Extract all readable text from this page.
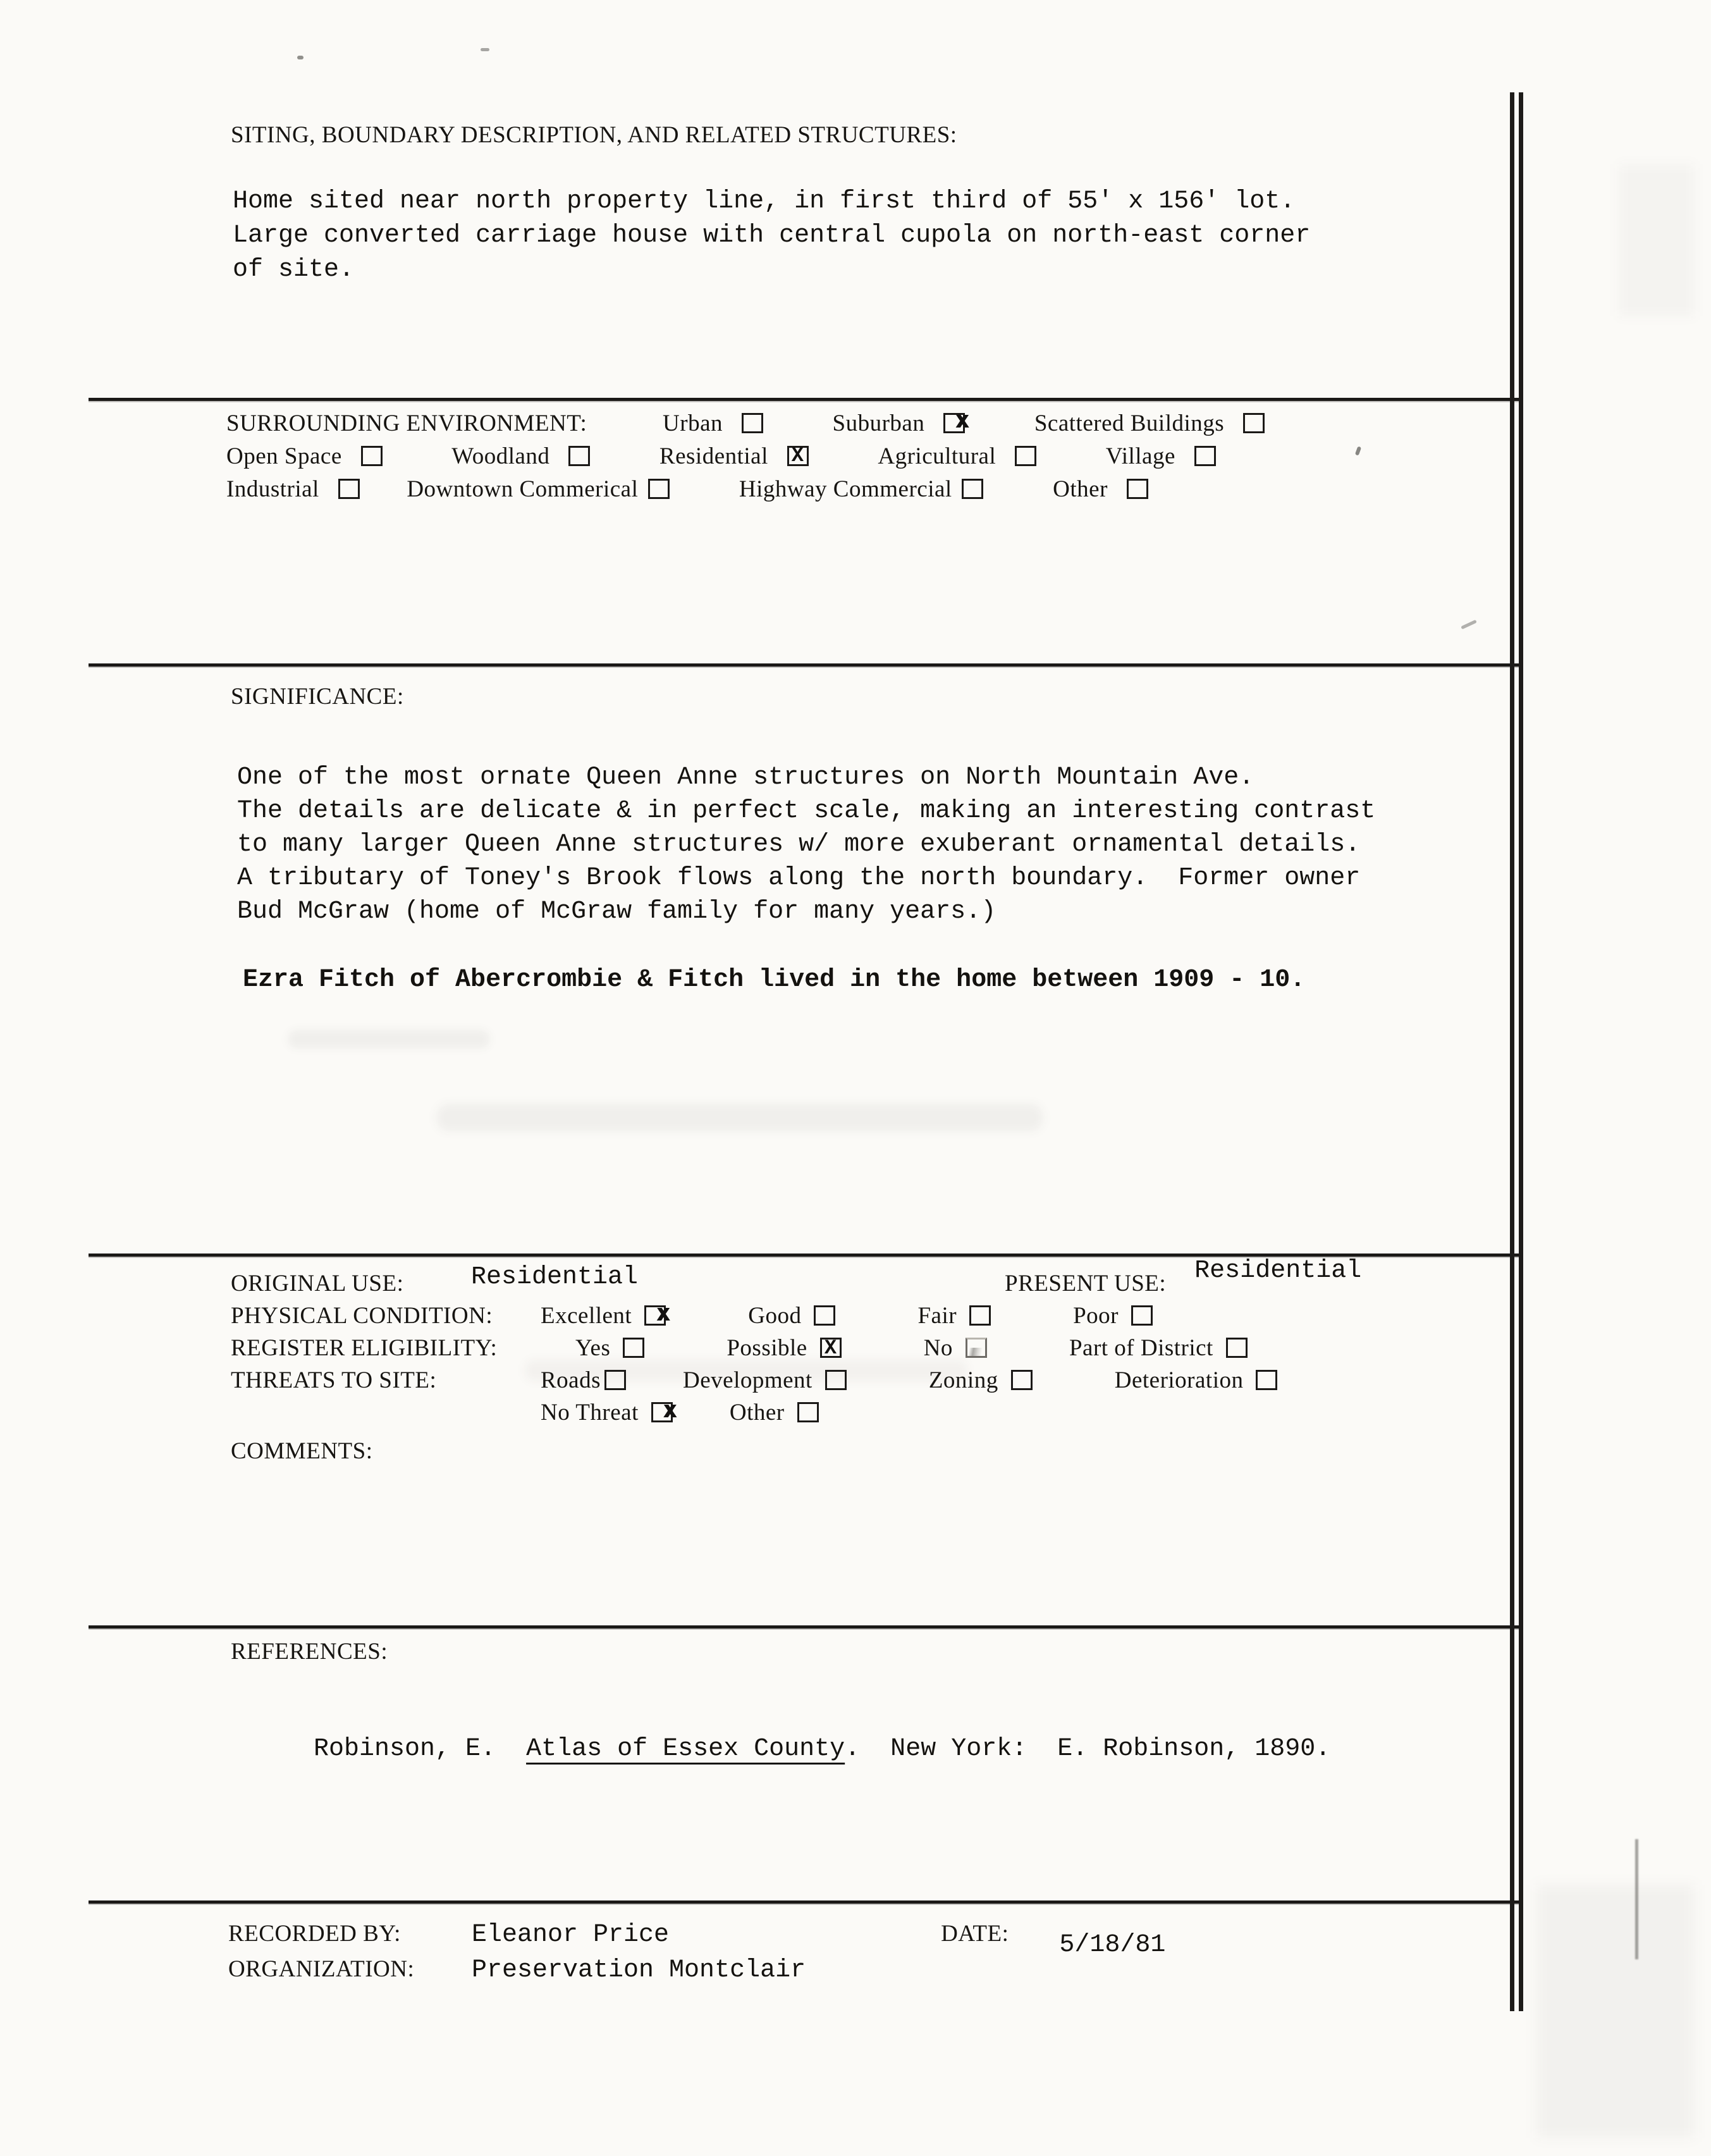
SITING, BOUNDARY DESCRIPTION, AND RELATED STRUCTURES:
Home sited near north property line, in first third of 55' x 156' lot.
Large converted carriage house with central cupola on north-east corner
of site.
SURROUNDING ENVIRONMENT:	Urban	Suburban XX	Scattered Buildings
Open Space	Woodland	Residential X	Agricultural	Village
Industrial	Downtown Commerical	Highway Commercial	Other
SIGNIFICANCE:
One of the most ornate Queen Anne structures on North Mountain Ave.
The details are delicate & in perfect scale, making an interesting contrast
to many larger Queen Anne structures w/ more exuberant ornamental details.
A tributary of Toney's Brook flows along the north boundary.  Former owner
Bud McGraw (home of McGraw family for many years.)
Ezra Fitch of Abercrombie & Fitch lived in the home between 1909 - 10.
ORIGINAL USE:	Residential	PRESENT USE: Residential
PHYSICAL CONDITION: Excellent XX	Good	Fair	Poor
REGISTER ELIGIBILITY:	Yes	Possible X	No	Part of District
THREATS TO SITE:	Roads	Development	Zoning	Deterioration
No Threat XX	Other
COMMENTS:
REFERENCES:

Robinson, E.  Atlas of Essex County.  New York:  E. Robinson, 1890.

RECORDED BY:	Eleanor Price	DATE: 5/18/81
ORGANIZATION: Preservation Montclair
